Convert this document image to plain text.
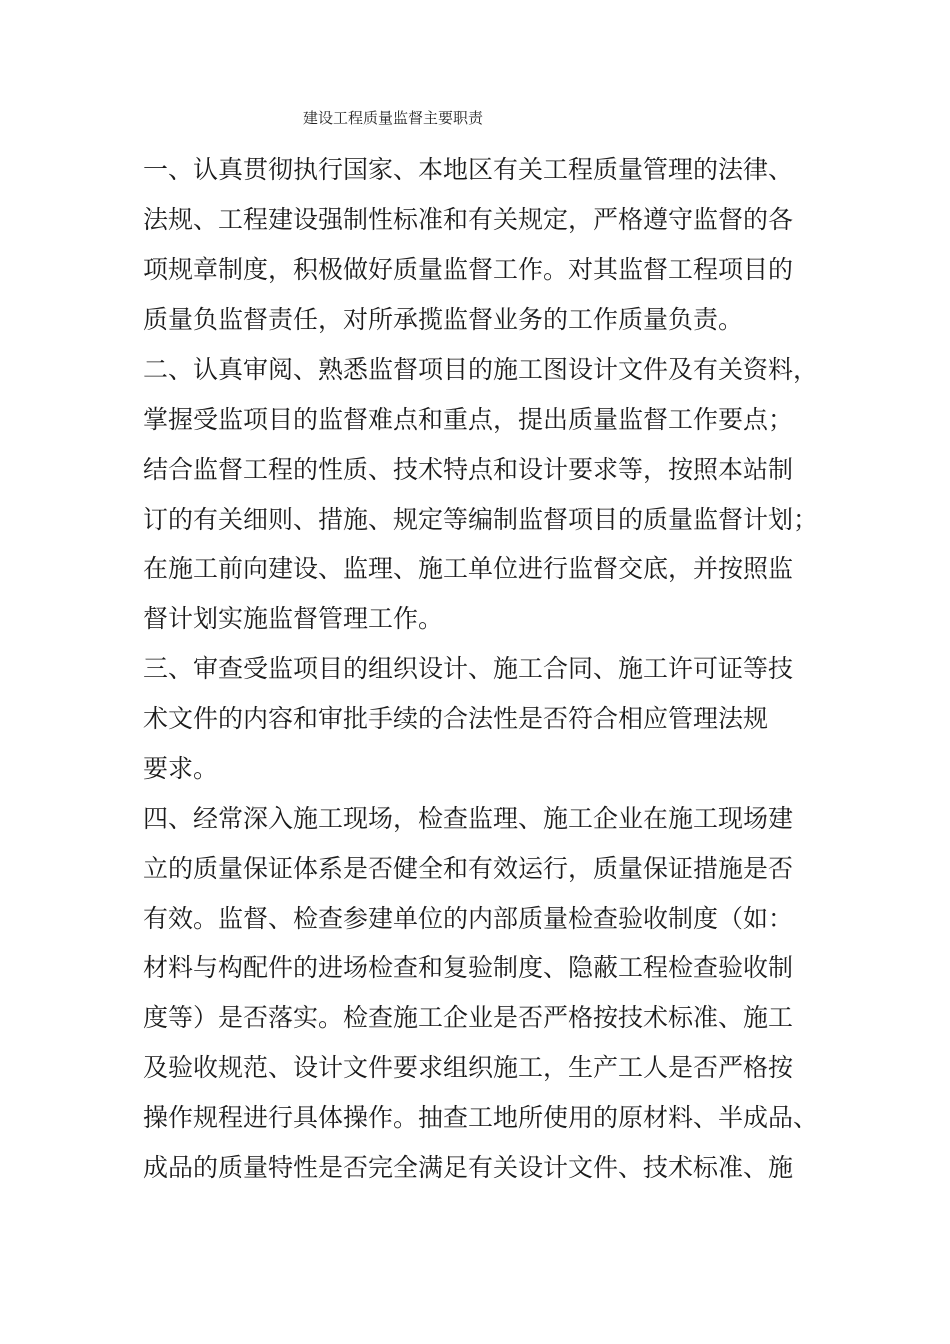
建设工程质量监督主要职责
一、认真贯彻执行国家、本地区有关工程质量管理的法律、
法规、工程建设强制性标准和有关规定，严格遵守监督的各
项规章制度，积极做好质量监督工作。对其监督工程项目的
质量负监督责任，对所承揽监督业务的工作质量负责。
二、认真审阅、熟悉监督项目的施工图设计文件及有关资料，
掌握受监项目的监督难点和重点，提出质量监督工作要点；
结合监督工程的性质、技术特点和设计要求等，按照本站制
订的有关细则、措施、规定等编制监督项目的质量监督计划；
在施工前向建设、监理、施工单位进行监督交底，并按照监
督计划实施监督管理工作。
三、审查受监项目的组织设计、施工合同、施工许可证等技
术文件的内容和审批手续的合法性是否符合相应管理法规
要求。
四、经常深入施工现场，检查监理、施工企业在施工现场建
立的质量保证体系是否健全和有效运行，质量保证措施是否
有效。监督、检查参建单位的内部质量检查验收制度（如：
材料与构配件的进场检查和复验制度、隐蔽工程检查验收制
度等）是否落实。检查施工企业是否严格按技术标准、施工
及验收规范、设计文件要求组织施工，生产工人是否严格按
操作规程进行具体操作。抽查工地所使用的原材料、半成品、
成品的质量特性是否完全满足有关设计文件、技术标准、施
